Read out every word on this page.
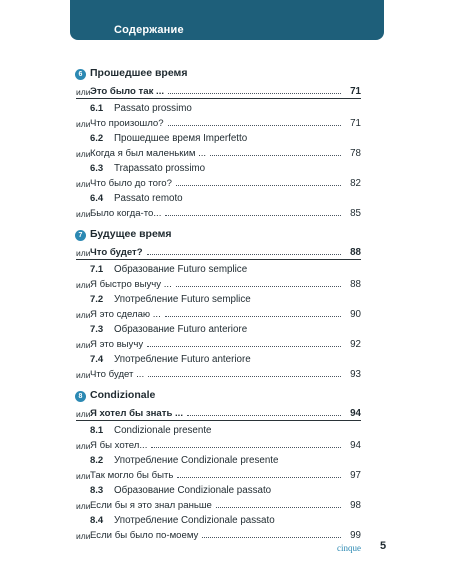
Содержание
6 Прошедшее время
или Это было так ...	71
6.1	Passato prossimo
или Что произошло?	71
6.2	Прошедшее время Imperfetto
или Когда я был маленьким ...	78
6.3	Trapassato prossimo
или Что было до того?	82
6.4	Passato remoto
или Было когда-то...	85
7 Будущее время
или Что будет?	88
7.1	Образование Futuro semplice
или Я быстро выучу ...	88
7.2	Употребление Futuro semplice
или Я это сделаю ...	90
7.3	Образование Futuro anteriore
или Я это выучу	92
7.4	Употребление Futuro anteriore
или Что будет ...	93
8 Condizionale
или Я хотел бы знать ...	94
8.1	Condizionale presente
или Я бы хотел...	94
8.2	Употребление Condizionale presente
или Так могло бы быть	97
8.3	Образование Condizionale passato
или Если бы я это знал раньше	98
8.4	Употребление Condizionale passato
или Если бы было по-моему	99
cinque 5
